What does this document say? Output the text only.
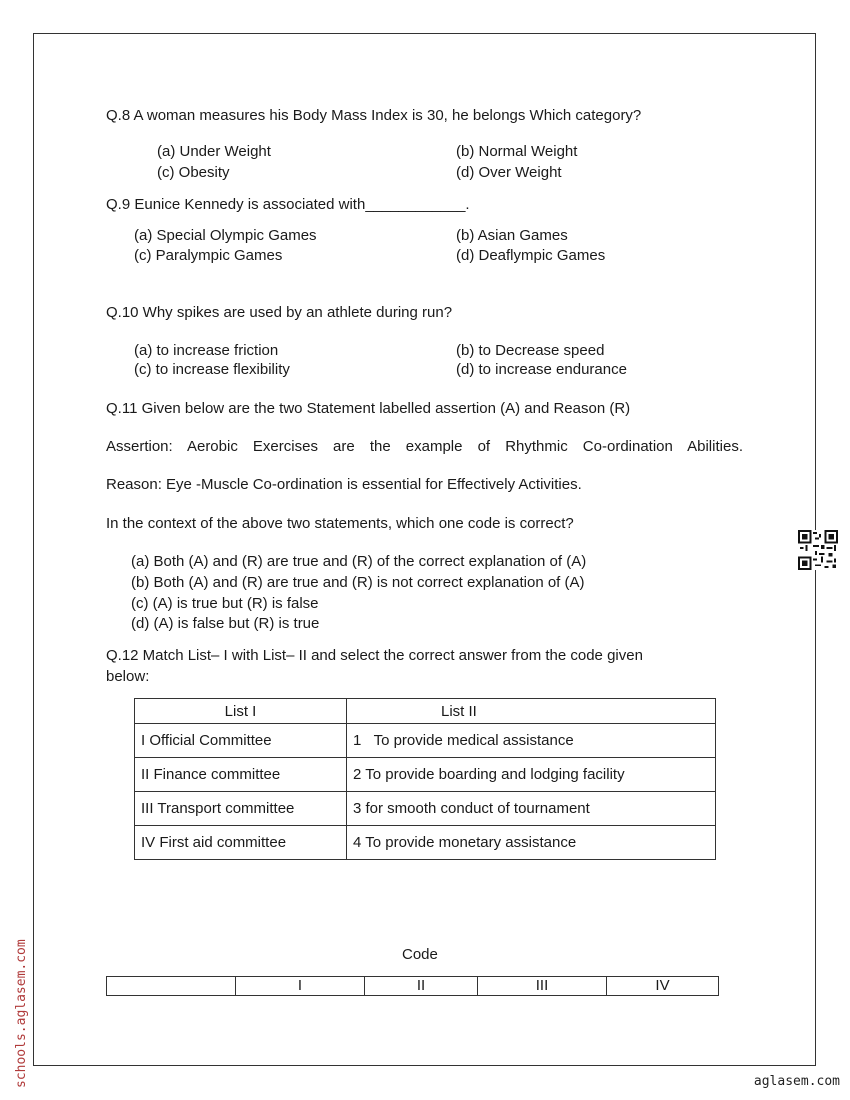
Q.8 A woman measures his Body Mass Index is 30, he belongs Which category?
(a) Under Weight	(b) Normal Weight
(c) Obesity	(d) Over Weight
Q.9 Eunice Kennedy is associated with____________.
(a) Special Olympic Games	(b) Asian Games
(c) Paralympic Games	(d) Deaflympic Games
Q.10 Why spikes are used by an athlete during run?
(a) to increase friction	(b) to Decrease speed
(c) to increase flexibility	(d) to increase endurance
Q.11 Given below are the two Statement labelled assertion (A) and Reason (R)
Assertion: Aerobic Exercises are the example of Rhythmic Co-ordination Abilities.
Reason: Eye -Muscle Co-ordination is essential for Effectively Activities.
In the context of the above two statements, which one code is correct?
(a) Both (A) and (R) are true and (R) of the correct explanation of (A)
(b) Both (A) and (R) are true and (R) is not correct explanation of (A)
(c) (A) is true but (R) is false
(d) (A) is false but (R) is true
Q.12 Match List– I with List– II and select the correct answer from the code given
below:
List I	List II
I Official Committee	1   To provide medical assistance
II Finance committee	2 To provide boarding and lodging facility
III Transport committee	3 for smooth conduct of tournament
IV First aid committee	4 To provide monetary assistance
Code
	I	II	III	IV
schools.aglasem.com	aglasem.com
